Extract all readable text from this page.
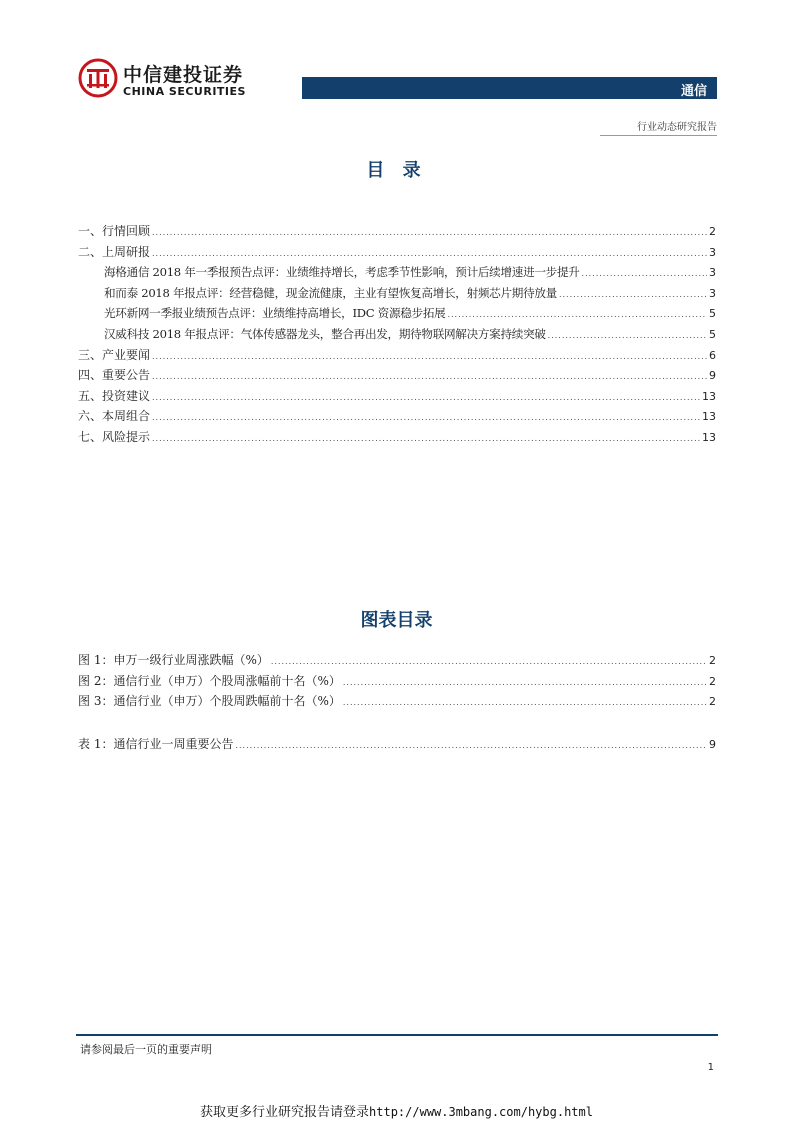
中信建投证券
CHINA SECURITIES	通信
行业动态研究报告
目 录
一、行情回顾 .....	2
二、上周研报 .....	3
海格通信 2018 年一季报预告点评：业绩维持增长，考虑季节性影响，预计后续增速进一步提升 .....	3
和而泰 2018 年报点评：经营稳健，现金流健康，主业有望恢复高增长，射频芯片期待放量 .....	3
光环新网一季报业绩预告点评：业绩维持高增长，IDC 资源稳步拓展 .....	5
汉威科技 2018 年报点评：气体传感器龙头，整合再出发，期待物联网解决方案持续突破 .....	5
三、产业要闻 .....	6
四、重要公告 .....	9
五、投资建议 .....	13
六、本周组合 .....	13
七、风险提示 .....	13
图表目录
图 1：申万一级行业周涨跌幅（%） .....	2
图 2：通信行业（申万）个股周涨幅前十名（%） .....	2
图 3：通信行业（申万）个股周跌幅前十名（%） .....	2
表 1：通信行业一周重要公告 .....	9
请参阅最后一页的重要声明
1
获取更多行业研究报告请登录http://www.3mbang.com/hybg.html
